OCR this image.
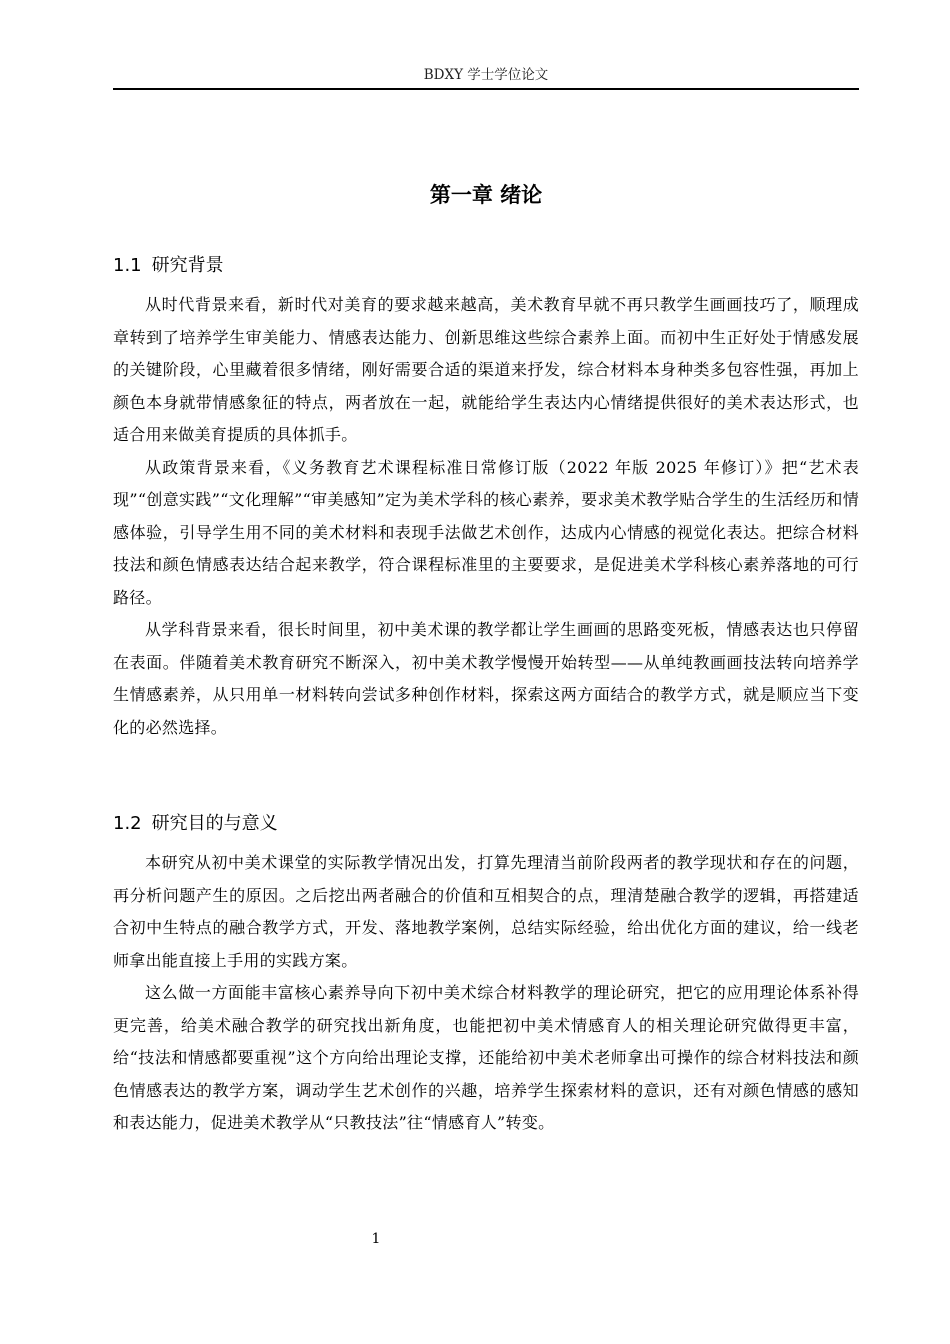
BDXY 学士学位论文
第一章 绪论
1.1 研究背景

从时代背景来看，新时代对美育的要求越来越高，美术教育早就不再只教学生画画技巧了，顺理成章转到了培养学生审美能力、情感表达能力、创新思维这些综合素养上面。而初中生正好处于情感发展的关键阶段，心里藏着很多情绪，刚好需要合适的渠道来抒发，综合材料本身种类多包容性强，再加上颜色本身就带情感象征的特点，两者放在一起，就能给学生表达内心情绪提供很好的美术表达形式，也适合用来做美育提质的具体抓手。

从政策背景来看，《义务教育艺术课程标准日常修订版（2022 年版 2025 年修订）》把“艺术表现”“创意实践”“文化理解”“审美感知”定为美术学科的核心素养，要求美术教学贴合学生的生活经历和情感体验，引导学生用不同的美术材料和表现手法做艺术创作，达成内心情感的视觉化表达。把综合材料技法和颜色情感表达结合起来教学，符合课程标准里的主要要求，是促进美术学科核心素养落地的可行路径。

从学科背景来看，很长时间里，初中美术课的教学都让学生画画的思路变死板，情感表达也只停留在表面。伴随着美术教育研究不断深入，初中美术教学慢慢开始转型——从单纯教画画技法转向培养学生情感素养，从只用单一材料转向尝试多种创作材料，探索这两方面结合的教学方式，就是顺应当下变化的必然选择。

1.2 研究目的与意义

本研究从初中美术课堂的实际教学情况出发，打算先理清当前阶段两者的教学现状和存在的问题，再分析问题产生的原因。之后挖出两者融合的价值和互相契合的点，理清楚融合教学的逻辑，再搭建适合初中生特点的融合教学方式，开发、落地教学案例，总结实际经验，给出优化方面的建议，给一线老师拿出能直接上手用的实践方案。

这么做一方面能丰富核心素养导向下初中美术综合材料教学的理论研究，把它的应用理论体系补得更完善，给美术融合教学的研究找出新角度，也能把初中美术情感育人的相关理论研究做得更丰富，给“技法和情感都要重视”这个方向给出理论支撑，还能给初中美术老师拿出可操作的综合材料技法和颜色情感表达的教学方案，调动学生艺术创作的兴趣，培养学生探索材料的意识，还有对颜色情感的感知和表达能力，促进美术教学从“只教技法”往“情感育人”转变。

1
